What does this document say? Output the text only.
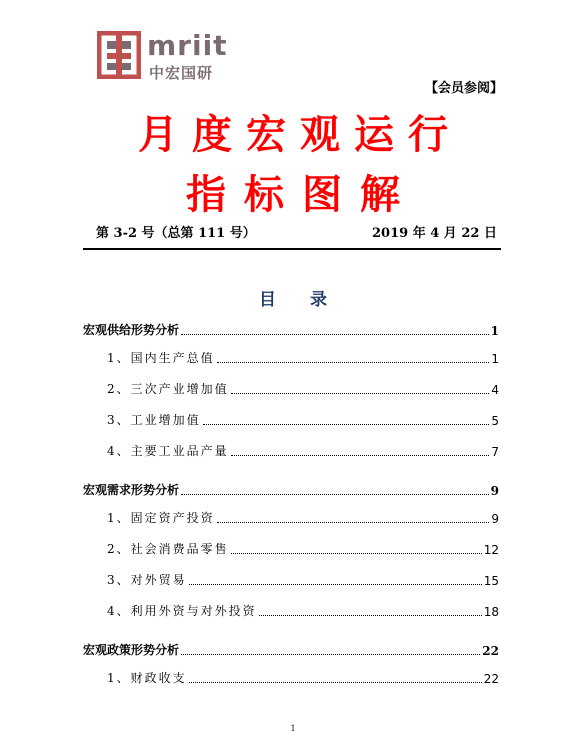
mriit
中宏国研
【会员参阅】
月度宏观运行
指标图解
第 3-2 号（总第 111 号）	2019 年 4 月 22 日
目 录
宏观供给形势分析	1
1、国内生产总值	1
2、三次产业增加值	4
3、工业增加值	5
4、主要工业品产量	7
宏观需求形势分析	9
1、固定资产投资	9
2、社会消费品零售	12
3、对外贸易	15
4、利用外资与对外投资	18
宏观政策形势分析	22
1、财政收支	22
1
